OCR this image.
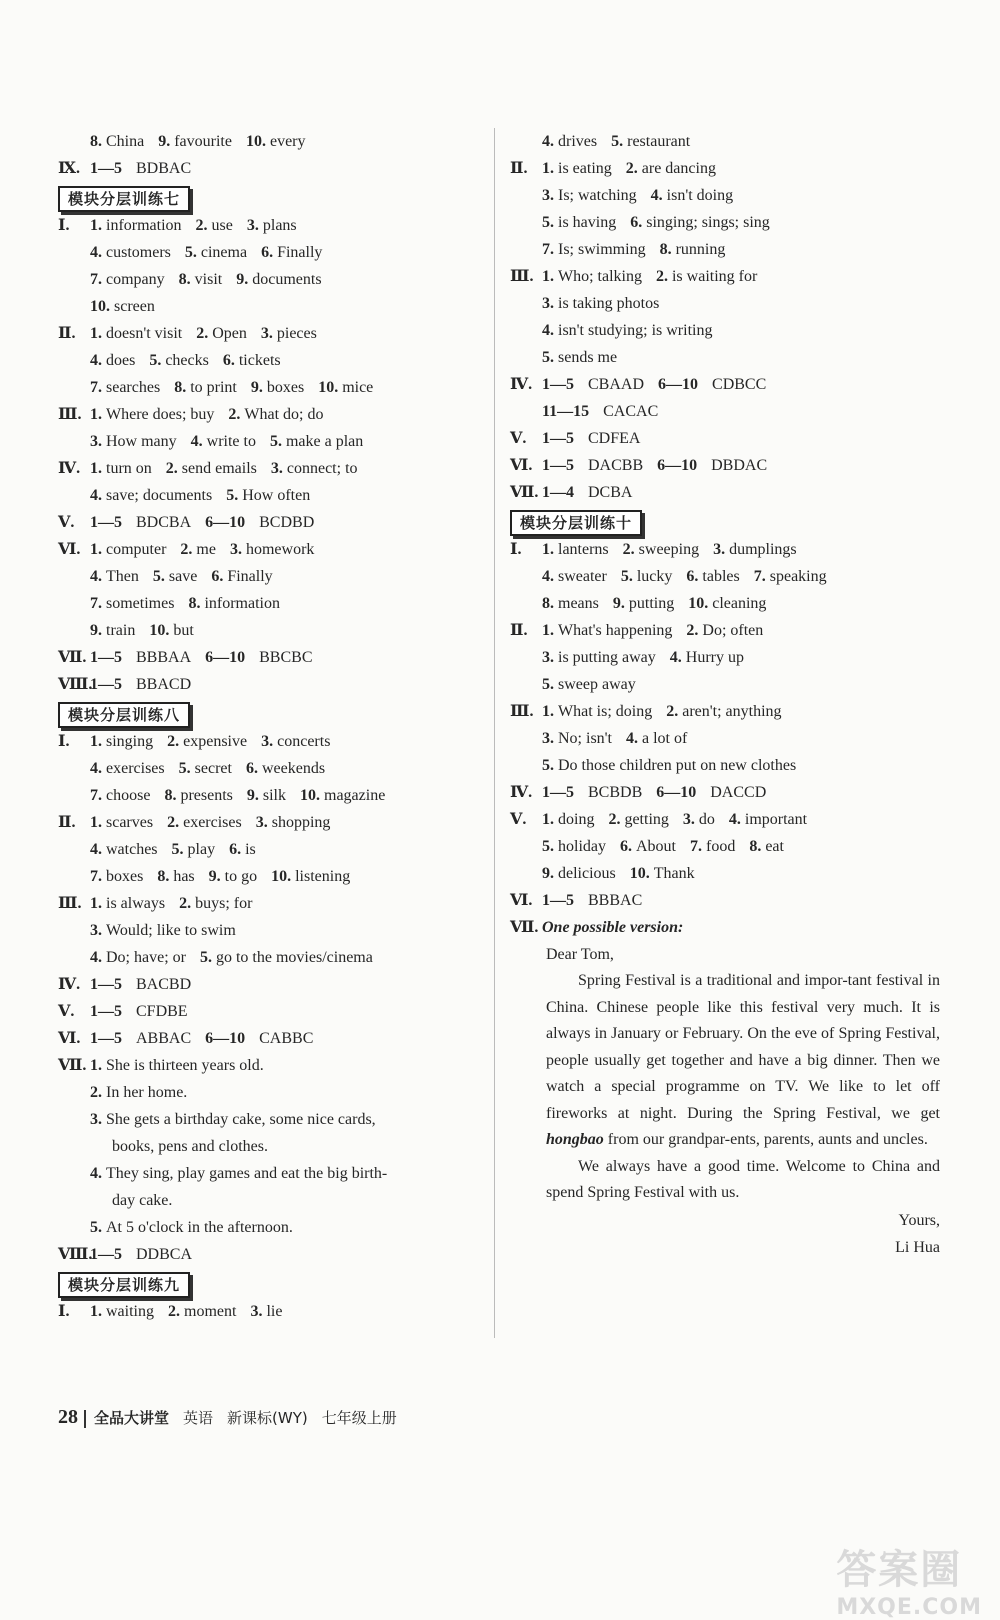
8. China 9. favourite 10. every
Ⅸ. 1—5 BDBAC
模块分层训练七
Ⅰ.	1. information 2. use 3. plans
4. customers 5. cinema 6. Finally
7. company 8. visit 9. documents
10. screen
Ⅱ. 1. doesn't visit 2. Open 3. pieces
4. does 5. checks 6. tickets
7. searches 8. to print 9. boxes 10. mice
Ⅲ. 1. Where does; buy 2. What do; do
3. How many 4. write to 5. make a plan
Ⅳ. 1. turn on 2. send emails 3. connect; to
4. save; documents 5. How often
Ⅴ. 1—5 BDCBA 6—10 BCDBD
Ⅵ. 1. computer 2. me 3. homework
4. Then 5. save 6. Finally
7. sometimes 8. information
9. train 10. but
Ⅶ. 1—5 BBBAA 6—10 BBCBC
Ⅷ.
1—5 BBACD
模块分层训练八
Ⅰ.	1. singing 2. expensive 3. concerts
4. exercises 5. secret 6. weekends
7. choose 8. presents 9. silk 10. magazine
Ⅱ. 1. scarves 2. exercises 3. shopping
4. watches 5. play 6. is
7. boxes 8. has 9. to go 10. listening
Ⅲ. 1. is always 2. buys; for
3. Would; like to swim
4. Do; have; or 5. go to the movies/cinema
Ⅳ. 1—5 BACBD
Ⅴ. 1—5 CFDBE
Ⅵ. 1—5 ABBAC 6—10 CABBC
Ⅶ. 1. She is thirteen years old.
2. In her home.
3. She gets a birthday cake, some nice cards,
books, pens and clothes.
4. They sing, play games and eat the big birth-
day cake.
5. At 5 o'clock in the afternoon.
Ⅷ.
1—5 DDBCA
模块分层训练九
Ⅰ.	1. waiting 2. moment 3. lie
4. drives 5. restaurant
Ⅱ. 1. is eating 2. are dancing
3. Is; watching 4. isn't doing
5. is having 6. singing; sings; sing
7. Is; swimming 8. running
Ⅲ. 1. Who; talking 2. is waiting for
3. is taking photos
4. isn't studying; is writing
5. sends me
Ⅳ. 1—5 CBAAD 6—10 CDBCC
11—15 CACAC
Ⅴ. 1—5 CDFEA
Ⅵ. 1—5 DACBB 6—10 DBDAC
Ⅶ. 1—4 DCBA
模块分层训练十
Ⅰ.	1. lanterns 2. sweeping 3. dumplings
4. sweater 5. lucky 6. tables 7. speaking
8. means 9. putting 10. cleaning
Ⅱ. 1. What's happening 2. Do; often
3. is putting away 4. Hurry up
5. sweep away
Ⅲ. 1. What is; doing 2. aren't; anything
3. No; isn't 4. a lot of
5. Do those children put on new clothes
Ⅳ. 1—5 BCBDB 6—10 DACCD
Ⅴ. 1. doing 2. getting 3. do 4. important
5. holiday 6. About 7. food 8. eat
9. delicious 10. Thank
Ⅵ. 1—5 BBBAC
Ⅶ. One possible version:
Dear Tom,
Spring Festival is a traditional and impor-tant festival in China. Chinese people like this festival very much. It is always in January or February. On the eve of Spring Festival, people usually get together and have a big dinner. Then we watch a special programme on TV. We like to let off fireworks at night. During the Spring Festival, we get hongbao from our grandpar-ents, parents, aunts and uncles.
We always have a good time. Welcome to China and spend Spring Festival with us.
Yours,
Li Hua
28 全品大讲堂 英语 新课标(WY) 七年级上册
答案圈
MXQE.COM
